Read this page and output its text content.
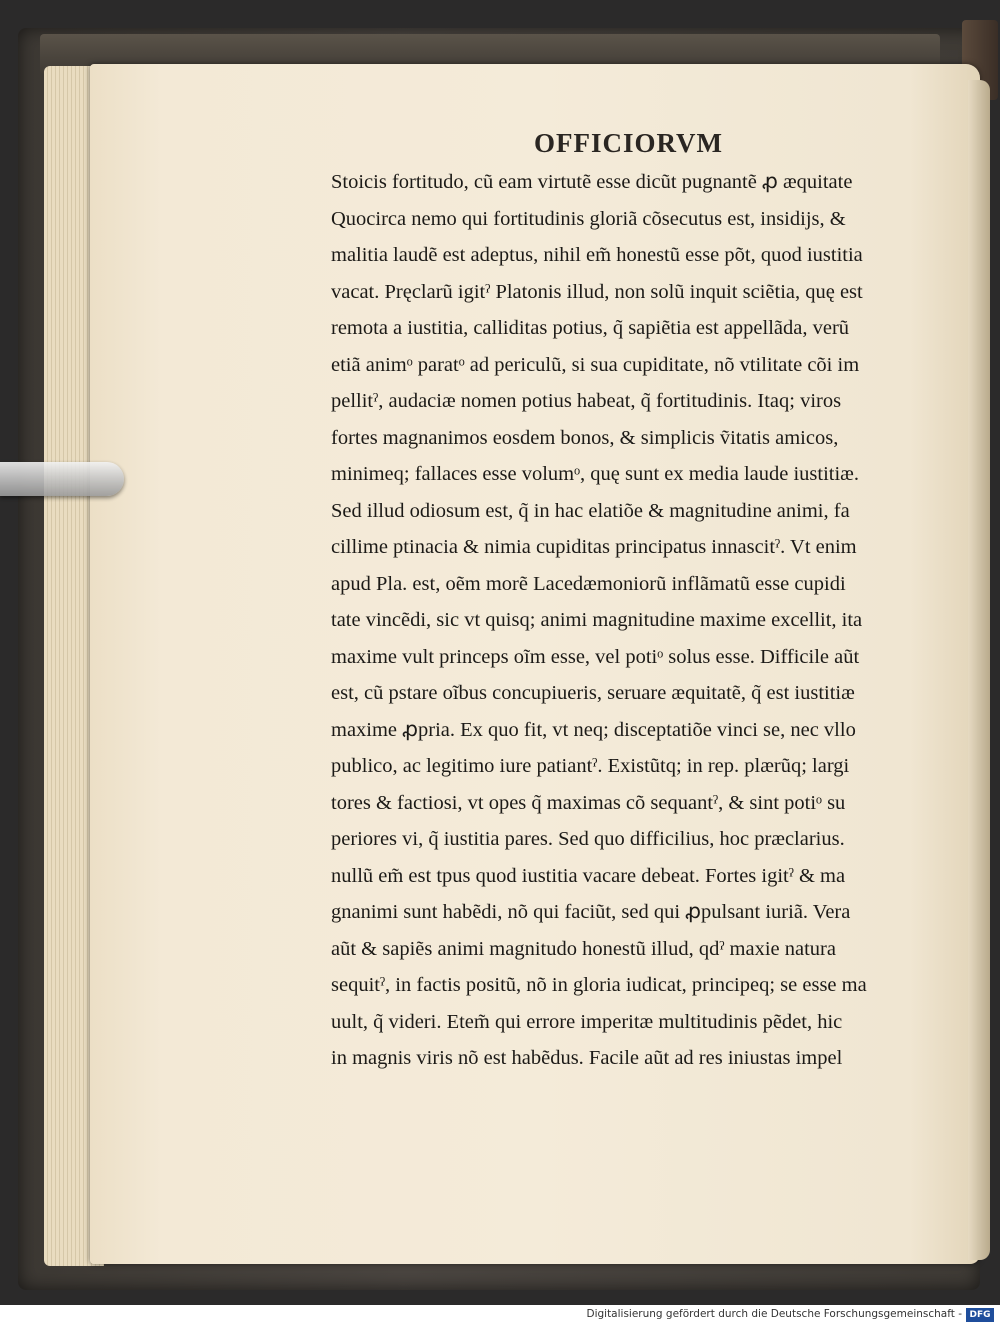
OFFICIORVM
Stoicis fortitudo, cũ eam virtutẽ esse dicũt pugnantẽ ꝓ æquitate
Quocirca nemo qui fortitudinis gloriã cõsecutus est, insidijs, &
malitia laudẽ est adeptus, nihil em̃ honestũ esse põt, quod iustitia
vacat. Pręclarũ igitˀ Platonis illud, non solũ inquit sciẽtia, quę est
remota a iustitia, calliditas potius, q̃ sapiẽtia est appellãda, verũ
etiã animᵒ paratᵒ ad periculũ, si sua cupiditate, nõ vtilitate cõi im
pellitˀ, audaciæ nomen potius habeat, q̃ fortitudinis. Itaq; viros
fortes magnanimos eosdem bonos, & simplicis ṽitatis amicos,
minimeq; fallaces esse volumᵒ, quę sunt ex media laude iustitiæ.
Sed illud odiosum est, q̃ in hac elatiõe & magnitudine animi, fa
cillime ptinacia & nimia cupiditas principatus innascitˀ. Vt enim
apud Pla. est, oẽm morẽ Lacedæmoniorũ inflãmatũ esse cupidi
tate vincẽdi, sic vt quisq; animi magnitudine maxime excellit, ita
maxime vult princeps oĩm esse, vel potiᵒ solus esse. Difficile aũt
est, cũ pstare oĩbus concupiueris, seruare æquitatẽ, q̃ est iustitiæ
maxime ꝓpria. Ex quo fit, vt neq; disceptatiõe vinci se, nec vllo
publico, ac legitimo iure patiantˀ. Existũtq; in rep. plærũq; largi
tores & factiosi, vt opes q̃ maximas cõ sequantˀ, & sint potiᵒ su
periores vi, q̃ iustitia pares. Sed quo difficilius, hoc præclarius.
nullũ em̃ est tpus quod iustitia vacare debeat. Fortes igitˀ & ma
gnanimi sunt habẽdi, nõ qui faciũt, sed qui ꝓpulsant iuriã. Vera
aũt & sapiẽs animi magnitudo honestũ illud, qdˀ maxie natura
sequitˀ, in factis positũ, nõ in gloria iudicat, principeq; se esse ma
uult, q̃ videri. Etem̃ qui errore imperitæ multitudinis pẽdet, hic
in magnis viris nõ est habẽdus. Facile aũt ad res iniustas impel
Digitalisierung gefördert durch die Deutsche Forschungsgemeinschaft - DFG
